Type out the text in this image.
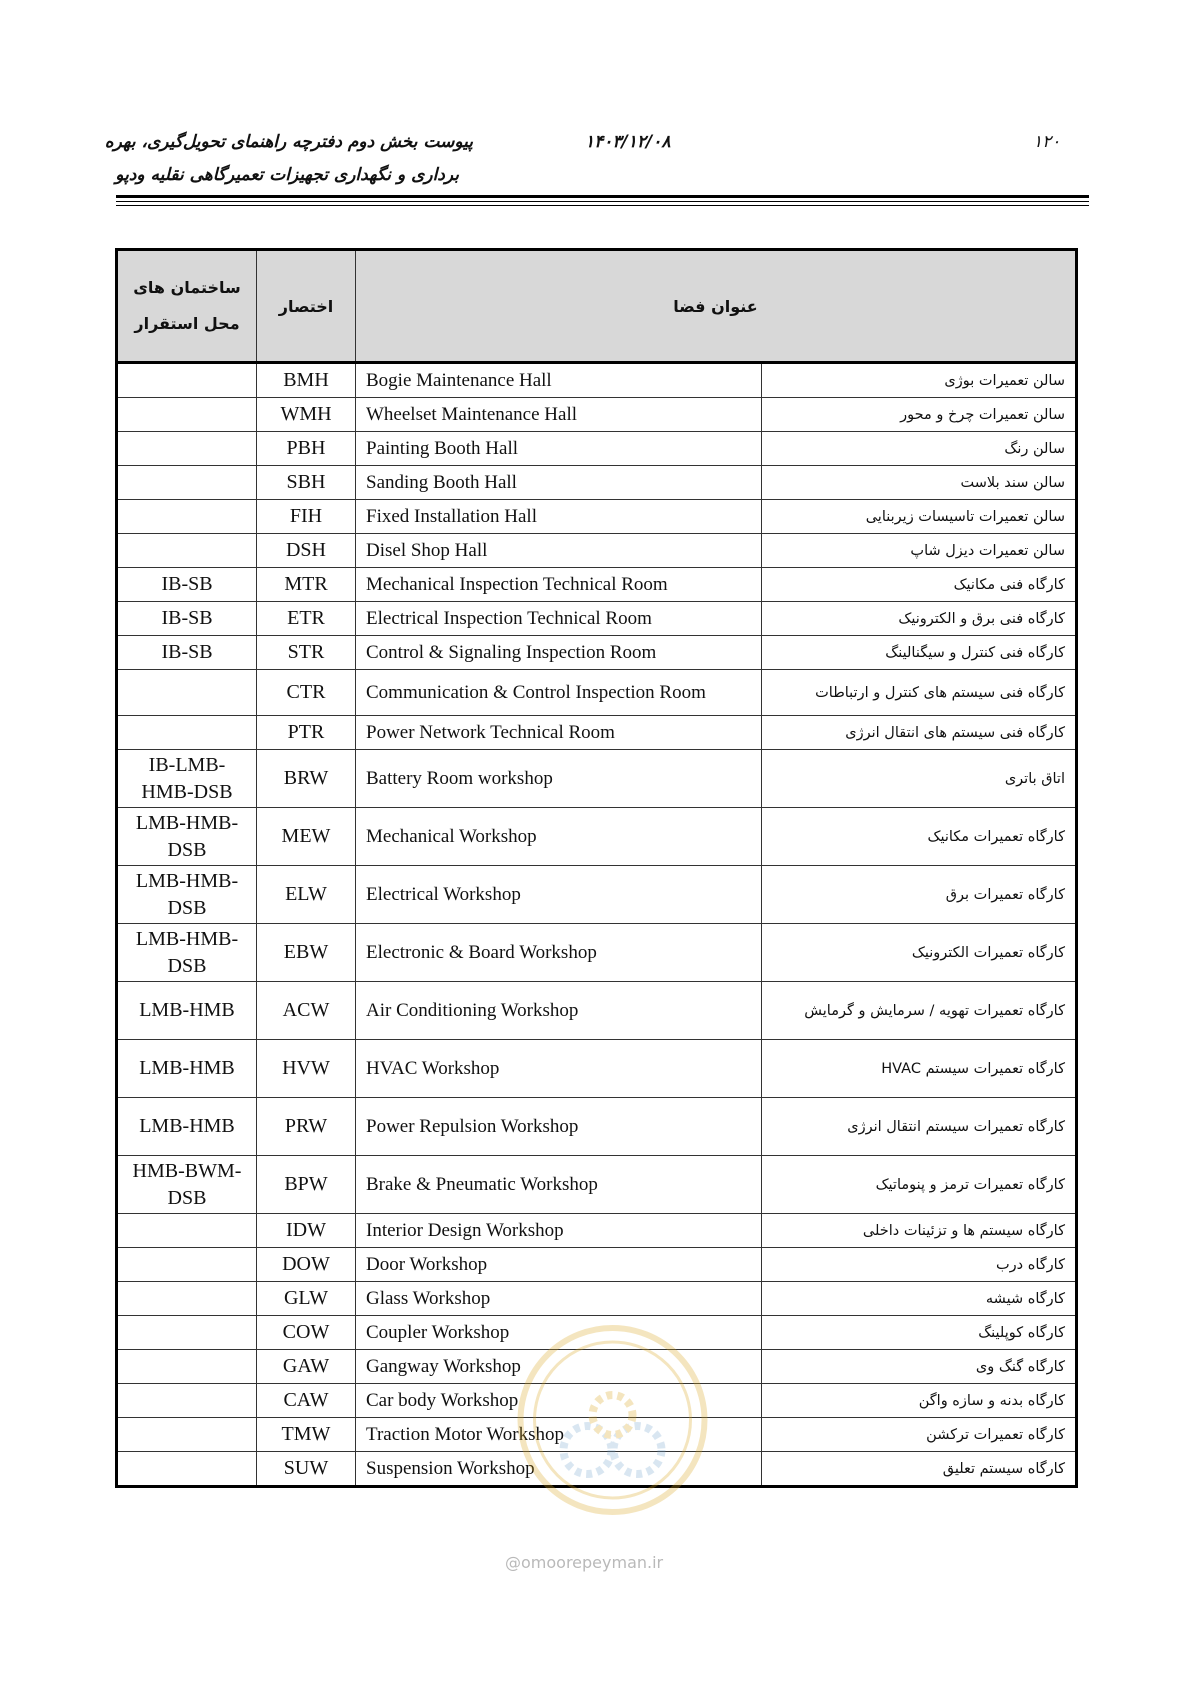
۱۲۰
۱۴۰۳/۱۲/۰۸
پیوست بخش دوم دفترچه راهنمای تحویل‌گیری، بهره
برداری و نگهداری تجهیزات تعمیرگاهی نقلیه ودپو
ساختمان های محل استقرار	اختصار	عنوان فضا	
	BMH	Bogie Maintenance Hall	سالن تعمیرات بوژی
	WMH	Wheelset Maintenance Hall	سالن تعمیرات چرخ و محور
	PBH	Painting Booth Hall	سالن رنگ
	SBH	Sanding Booth Hall	سالن سند بلاست
	FIH	Fixed Installation Hall	سالن تعمیرات تاسیسات زیربنایی
	DSH	Disel Shop Hall	سالن تعمیرات دیزل شاپ
IB-SB	MTR	Mechanical Inspection Technical Room	کارگاه فنی مکانیک
IB-SB	ETR	Electrical Inspection Technical Room	کارگاه فنی برق و الکترونیک
IB-SB	STR	Control & Signaling Inspection Room	کارگاه فنی کنترل و سیگنالینگ
	CTR	Communication & Control Inspection Room	کارگاه فنی سیستم های کنترل و ارتباطات
	PTR	Power Network Technical Room	کارگاه فنی سیستم های انتقال انرژی
IB-LMB-HMB-DSB	BRW	Battery Room workshop	اتاق باتری
LMB-HMB-DSB	MEW	Mechanical Workshop	کارگاه تعمیرات مکانیک
LMB-HMB-DSB	ELW	Electrical Workshop	کارگاه تعمیرات برق
LMB-HMB-DSB	EBW	Electronic & Board Workshop	کارگاه تعمیرات الکترونیک
LMB-HMB	ACW	Air Conditioning Workshop	کارگاه تعمیرات تهویه / سرمایش و گرمایش
LMB-HMB	HVW	HVAC Workshop	کارگاه تعمیرات سیستم HVAC
LMB-HMB	PRW	Power Repulsion Workshop	کارگاه تعمیرات سیستم انتقال انرژی
HMB-BWM-DSB	BPW	Brake & Pneumatic Workshop	کارگاه تعمیرات ترمز و پنوماتیک
	IDW	Interior Design Workshop	کارگاه سیستم ها و تزئینات داخلی
	DOW	Door Workshop	کارگاه درب
	GLW	Glass Workshop	کارگاه شیشه
	COW	Coupler Workshop	کارگاه کوپلینگ
	GAW	Gangway Workshop	کارگاه گنگ وی
	CAW	Car body Workshop	کارگاه بدنه و سازه واگن
	TMW	Traction Motor Workshop	کارگاه تعمیرات ترکشن
	SUW	Suspension Workshop	کارگاه سیستم تعلیق
@omoorepeyman.ir
